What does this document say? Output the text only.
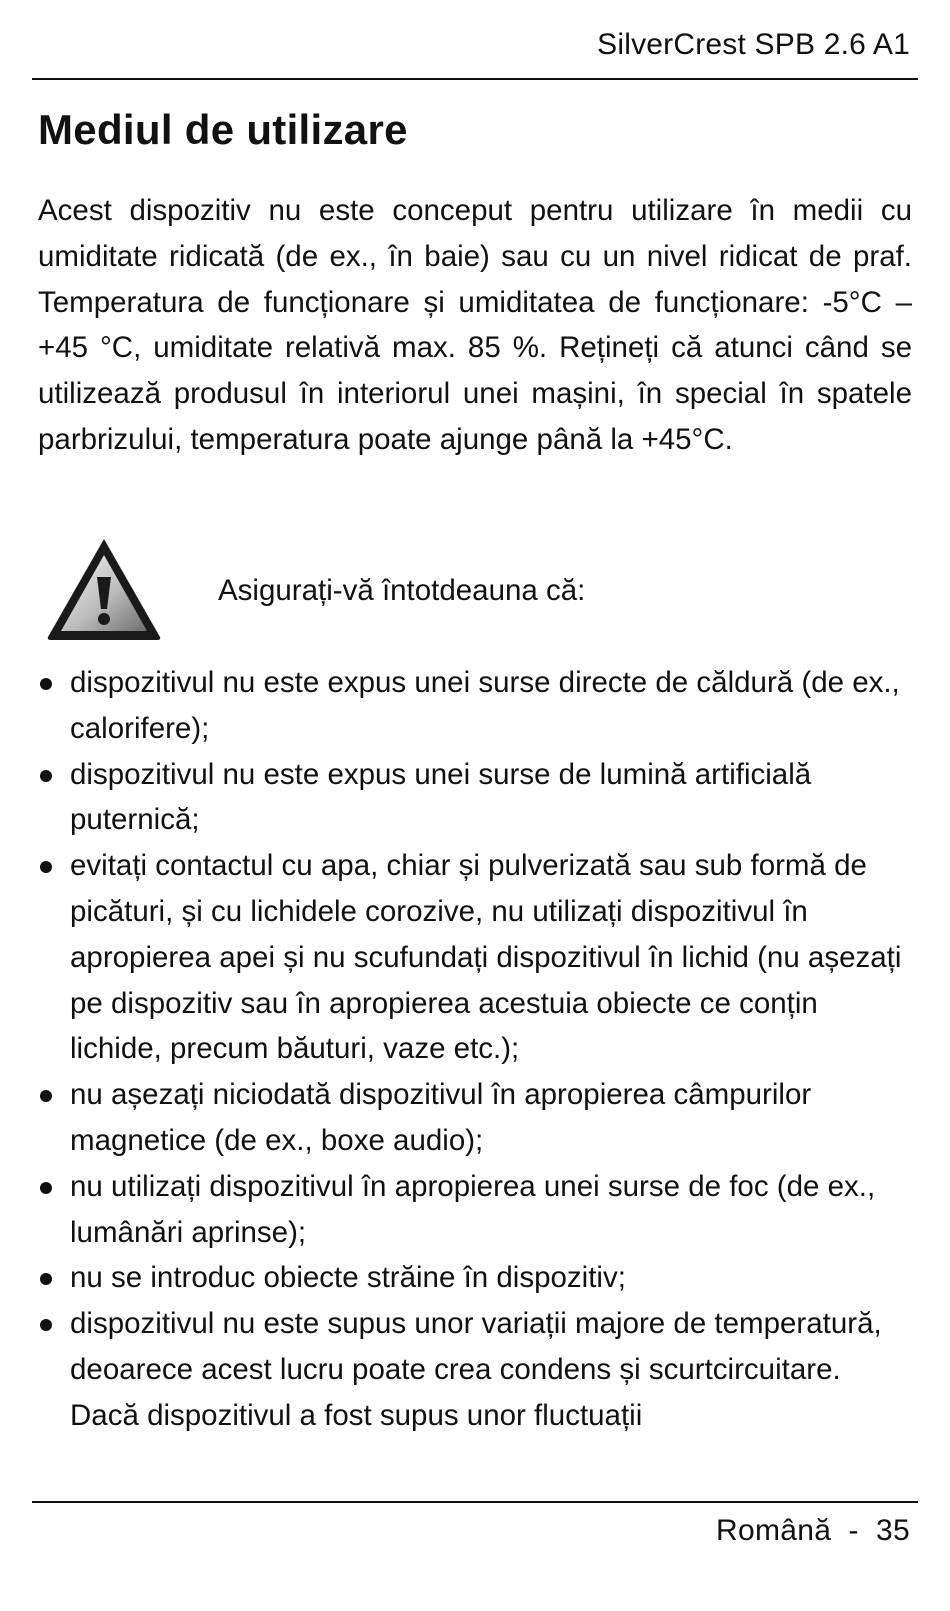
SilverCrest SPB 2.6 A1
Mediul de utilizare

Acest dispozitiv nu este conceput pentru utilizare în medii cu umiditate ridicată (de ex., în baie) sau cu un nivel ridicat de praf. Temperatura de funcționare și umiditatea de funcționare: -5°C – +45 °C, umiditate relativă max. 85 %. Rețineți că atunci când se utilizează produsul în interiorul unei mașini, în special în spatele parbrizului, temperatura poate ajunge până la +45°C.

Asigurați-vă întotdeauna că:
dispozitivul nu este expus unei surse directe de căldură (de ex., calorifere);
dispozitivul nu este expus unei surse de lumină artificială puternică;
evitați contactul cu apa, chiar și pulverizată sau sub formă de picături, și cu lichidele corozive, nu utilizați dispozitivul în apropierea apei și nu scufundați dispozitivul în lichid (nu așezați pe dispozitiv sau în apropierea acestuia obiecte ce conțin lichide, precum băuturi, vaze etc.);
nu așezați niciodată dispozitivul în apropierea câmpurilor magnetice (de ex., boxe audio);
nu utilizați dispozitivul în apropierea unei surse de foc (de ex., lumânări aprinse);
nu se introduc obiecte străine în dispozitiv;
dispozitivul nu este supus unor variații majore de temperatură, deoarece acest lucru poate crea condens și scurtcircuitare. Dacă dispozitivul a fost supus unor fluctuații
Română  -  35
